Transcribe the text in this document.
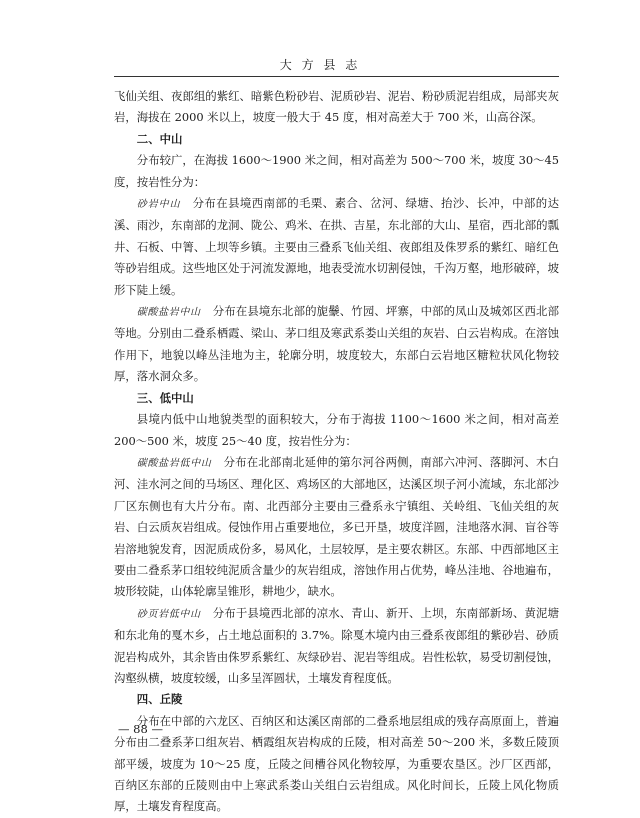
大 方 县 志

飞仙关组、夜郎组的紫红、暗紫色粉砂岩、泥质砂岩、泥岩、粉砂质泥岩组成，局部夹灰岩，海拔在 2000 米以上，坡度一般大于 45 度，相对高差大于 700 米，山高谷深。

二、中山

分布较广，在海拔 1600～1900 米之间，相对高差为 500～700 米，坡度 30～45 度，按岩性分为：

砂岩中山 分布在县境西南部的毛栗、素合、岔河、绿塘、抬沙、长冲，中部的达溪、雨沙，东南部的龙洞、陇公、鸡米、在拱、吉星，东北部的大山、星宿，西北部的瓢井、石板、中箐、上坝等乡镇。主要由三叠系飞仙关组、夜郎组及侏罗系的紫红、暗红色等砂岩组成。这些地区处于河流发源地，地表受流水切割侵蚀，千沟万壑，地形破碎，坡形下陡上缓。

碳酸盐岩中山 分布在县境东北部的旎䰒、竹园、坪寨，中部的凤山及城郊区西北部等地。分别由二叠系栖霞、梁山、茅口组及寒武系娄山关组的灰岩、白云岩构成。在溶蚀作用下，地貌以峰丛洼地为主，轮廓分明，坡度较大，东部白云岩地区糖粒状风化物较厚，落水洞众多。

三、低中山

县境内低中山地貌类型的面积较大，分布于海拔 1100～1600 米之间，相对高差 200～500 米，坡度 25～40 度，按岩性分为：

碳酸盐岩低中山 分布在北部南北延伸的第尔河谷两侧，南部六冲河、落脚河、木白河、洼水河之间的马场区、理化区、鸡场区的大部地区，达溪区坝子河小流域，东北部沙厂区东侧也有大片分布。南、北西部分主要由三叠系永宁镇组、关岭组、飞仙关组的灰岩、白云质灰岩组成。侵蚀作用占重要地位，多已开垦，坡度洋圆，洼地落水洞、盲谷等岩溶地貌发育，因泥质成份多，易风化，土层较厚，是主要农耕区。东部、中西部地区主要由二叠系茅口组较纯泥质含量少的灰岩组成，溶蚀作用占优势，峰丛洼地、谷地遍布，坡形较陡，山体轮廓呈锥形，耕地少，缺水。

砂页岩低中山 分布于县境西北部的凉水、青山、新开、上坝，东南部新场、黄泥塘和东北角的戛木乡，占土地总面积的 3.7%。除戛木境内由三叠系夜郎组的紫砂岩、砂质泥岩构成外，其余皆由侏罗系紫红、灰绿砂岩、泥岩等组成。岩性松软，易受切割侵蚀，沟壑纵横，坡度较缓，山多呈浑圆状，土壤发育程度低。

四、丘陵

分布在中部的六龙区、百纳区和达溪区南部的二叠系地层组成的残存高原面上，普遍分布由二叠系茅口组灰岩、栖霞组灰岩构成的丘陵，相对高差 50～200 米，多数丘陵顶部平缓，坡度为 10～25 度，丘陵之间槽谷风化物较厚，为重要农垦区。沙厂区西部，百纳区东部的丘陵则由中上寒武系娄山关组白云岩组成。风化时间长，丘陵上风化物质厚，土壤发育程度高。

— 88 —
